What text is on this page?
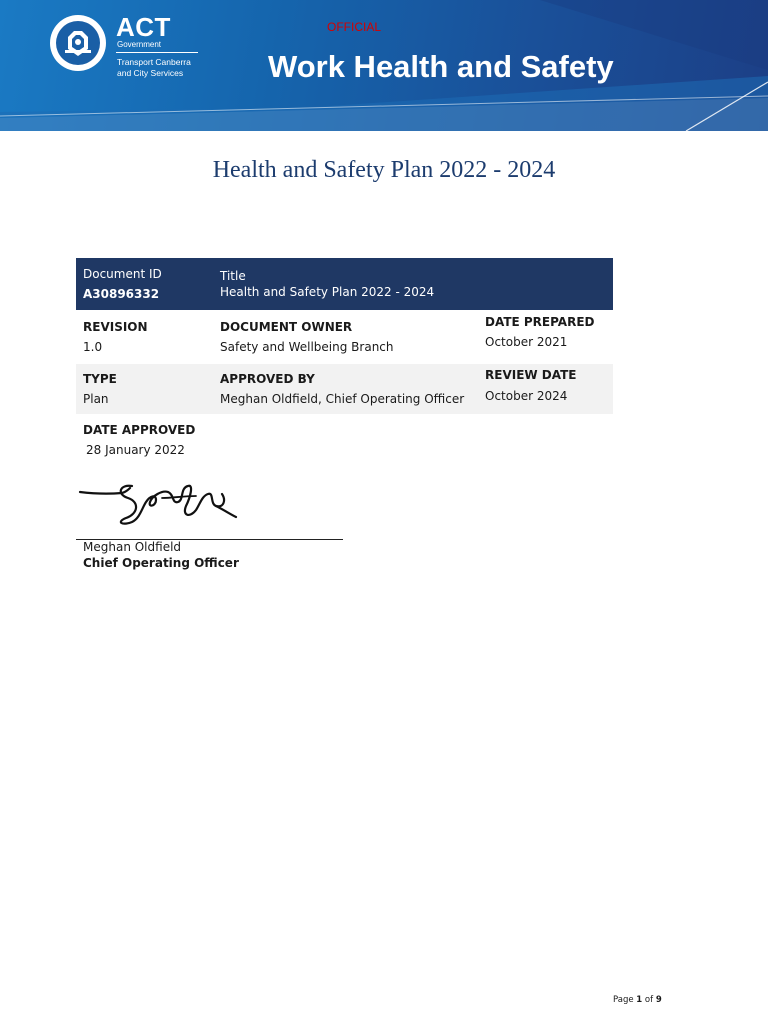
ACT
Government
Transport Canberra
and City Services
OFFICIAL
Work Health and Safety
Health and Safety Plan 2022 - 2024
Document ID
A30896332
Title
Health and Safety Plan 2022 - 2024
REVISION
1.0
DOCUMENT OWNER
Safety and Wellbeing Branch
DATE PREPARED
October 2021
TYPE
Plan
APPROVED BY
Meghan Oldfield, Chief Operating Officer
REVIEW DATE
October 2024
DATE APPROVED
28 January 2022
Meghan Oldfield
Chief Operating Officer
Page 1 of 9
